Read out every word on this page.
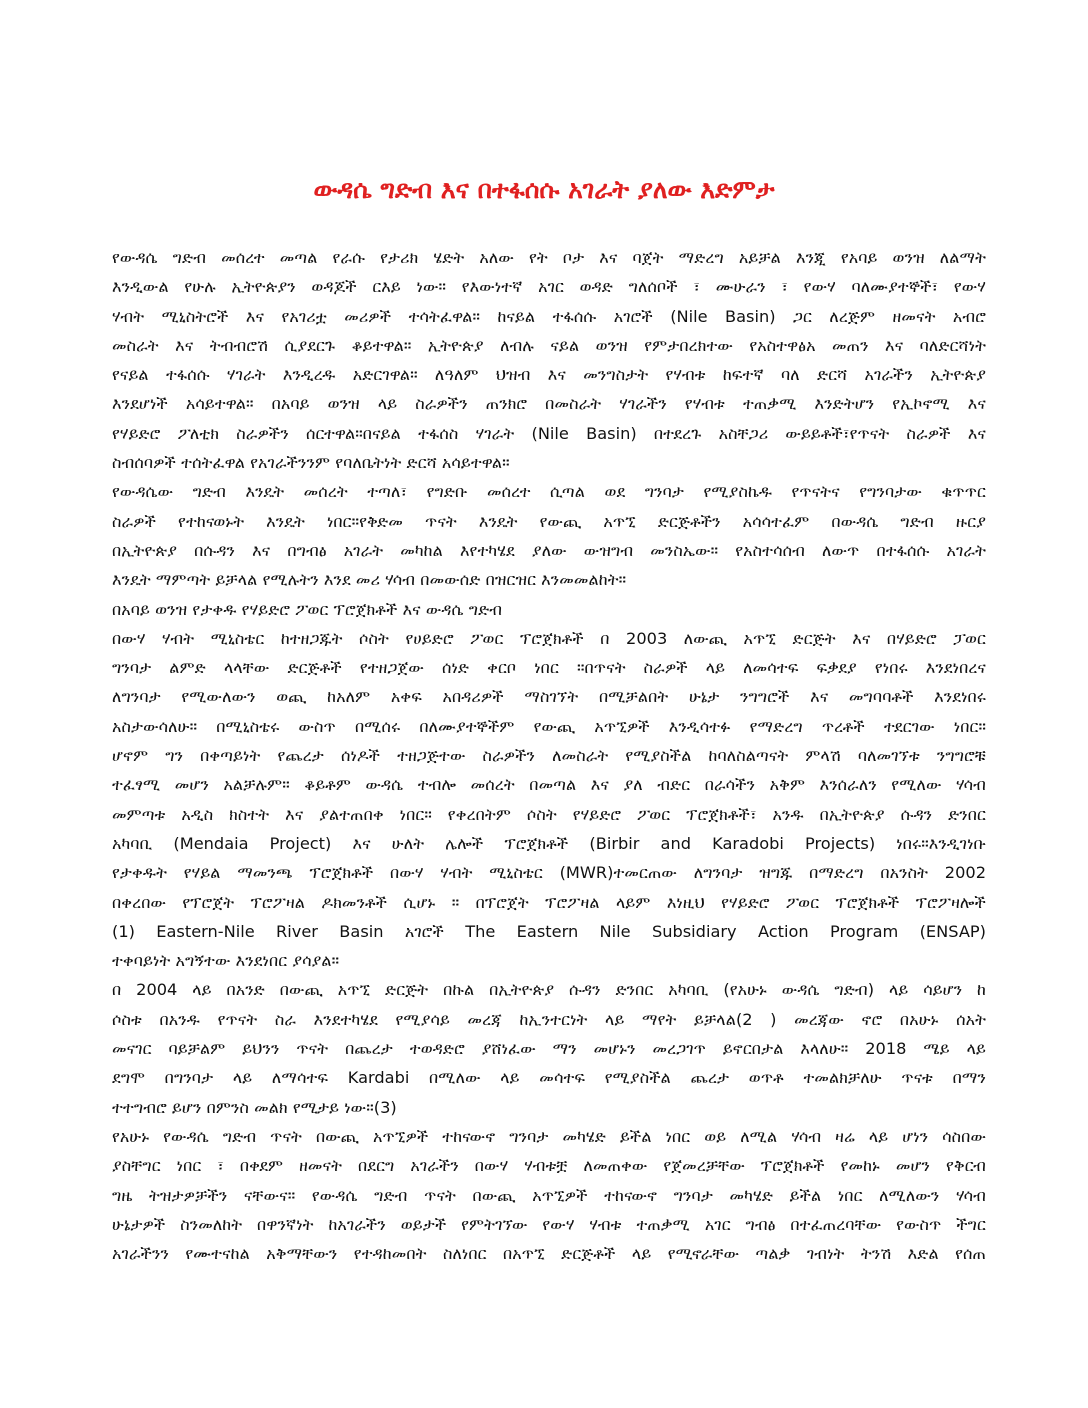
ውዳሴ ግድብ እና በተፋሰሱ አገራት ያለው እድምታ
የውዳሴ ግድብ መሰረተ መጣል የራሱ የታሪክ ሄድት አለው የት ቦታ እና ባጀት ማድረግ አይቻል እንጂ የአባይ ወንዝ ለልማት
እንዲውል የሁሉ ኢትዮጵያን ወዳጆች ርእይ ነው። የእውነተኛ አገር ወዳድ ግለሰቦች ፣ ሙሁራን ፣ የውሃ ባለሙያተኞች፣ የውሃ
ሃብት ሚኒስትሮች እና የአገሪቷ መሪዎች ተሳትፈዋል። ከናይል ተፋሰሱ አገሮች (Nile Basin) ጋር ለረጅም ዘመናት አብሮ
መስራት እና ትብብሮሽ ሲያደርጉ ቆይተዋል። ኢትዮጵያ ለብሉ ናይል ወንዝ የምታበረክተው የአስተዋፅአ መጠን እና ባለድርሻነት
የናይል ተፋሰሱ ሃገራት እንዲረዱ አድርገዋል። ለዓለም ህዝብ እና መንግስታት የሃብቱ ከፍተኛ ባለ ድርሻ አገራችን ኢትዮጵያ
እንደሆነች አሳይተዋል። በአባይ ወንዝ ላይ ስራዎችን ጠንክሮ በመስራት ሃገራችን የሃብቱ ተጠቃሚ እንድትሆን የኢኮኖሚ እና
የሃይድሮ ፖለቲክ ስራዎችን ሰርተዋል።በናይል ተፋሰስ ሃገራት (Nile Basin) በተደረጉ አስቸጋሪ ውይይቶች፣የጥናት ስራዎች እና
ስብሰባዎች ተሰትፈዋል የአገራችንንም የባለቤትነት ድርሻ አሳይተዋል።
የውዳሴው ግድብ እንዴት መሰረት ተጣለ፣ የግድቡ መሰረተ ሲጣል ወደ ግንባታ የሚያስኬዱ የጥናትና የግንባታው ቁጥጥር
ስራዎች የተከናወኑት እንዴት ነበር።የቅድመ ጥናት እንዴት የውጪ አጥኚ ድርጅቶችን አሳሳተፈም በውዳሴ ግድብ ዙርያ
በኢትዮጵያ በሱዳን እና በግብፅ አገራት መካከል እየተካሄደ ያለው ውዝግብ መንስኤው። የአስተሳሰብ ለውጥ በተፋሰሱ አገራት
እንዴት ማምጣት ይቻላል የሚሉትን እንደ መሪ ሃሳብ በመውሰድ በዝርዝር እንመመልከት።
በአባይ ወንዝ የታቀዱ የሃይድሮ ፖወር ፕሮጀክቶች እና ውዳሴ ግድብ
በውሃ ሃብት ሚኒስቴር ከተዘጋጁት ሶስት የሀይድሮ ፖወር ፕሮጀክቶች በ 2003 ለውጪ አጥኚ ድርጅት እና በሃይድሮ ፓወር
ግንባታ ልምድ ላላቸው ድርጅቶች የተዘጋጀው ሰነድ ቀርቦ ነበር ።በጥናት ስራዎች ላይ ለመሳተፍ ፍቃደያ የነበሩ እንደነበረና
ለግንባታ የሚውለውን ወጪ ከአለም አቀፍ አበዳሪዎች ማስገኘት በሚቻልበት ሁኔታ ንግግሮች እና መግባባቶች እንደነበሩ
አስታውሳለሁ። በሚኒስቴሩ ውስጥ በሚሰሩ በለሙያተኞችም የውጪ አጥኚዎች እንዲሳተፉ የማድረግ ጥረቶች ተደርገው ነበር።
ሆኖም ግን በቀጣይነት የጨረታ ሰነዶች ተዘጋጅተው ስራዎችን ለመስራት የሚያስችል ከባለስልጣናት ምላሽ ባለመገኘቱ ንግግሮቹ
ተፈፃሚ መሆን አልቻሉም። ቆይቶም ውዳሴ ተብሎ መሰረት በመጣል እና ያለ ብድር በራሳችን አቅም እንሰራለን የሚለው ሃሳብ
መምጣቱ አዲስ ክስተት እና ያልተጠበቀ ነበር። የቀረበትም ሶስት የሃይድሮ ፖወር ፕሮጀክቶች፣ አንዱ በኢትዮጵያ ሱዳን ድንበር
አካባቢ (Mendaia Project) እና ሁለት ሌሎች ፕሮጀክቶች (Birbir and Karadobi Projects) ነበሩ።እንዲገነቡ
የታቀዱት የሃይል ማመንጫ ፕሮጀክቶች በውሃ ሃብት ሚኒስቴር (MWR)ተመርጠው ለግንባታ ዝግጁ በማድረግ በአንስት 2002
በቀረበው የፕሮጀት ፕሮፖዛል ዶክመንቶች ሲሆኑ ። በፕሮጀት ፕሮፖዛል ላይም እነዚህ የሃይድሮ ፖወር ፕሮጀክቶች ፕሮፖዛሎች
(1) Eastern-Nile River Basin አገሮች The Eastern Nile Subsidiary Action Program (ENSAP)
ተቀባይነት አግኝተው እንደነበር ያሳያል።
በ 2004 ላይ በአንድ በውጪ አጥኚ ድርጅት በኩል በኢትዮጵያ ሱዳን ድንበር አካባቢ (የአሁኑ ውዳሴ ግድብ) ላይ ሳይሆን ከ
ሶስቱ በአንዱ የጥናት ስራ እንደተካሄደ የሚያሳይ መረጃ ከኢንተርነት ላይ ማየት ይቻላል(2 ) መረጃው ኖሮ በአሁኑ ሰአት
መናገር ባይቻልም ይህንን ጥናት በጨረታ ተወዳድሮ ያሸነፈው ማን መሆኑን መረጋገጥ ይኖርበታል እላለሁ። 2018 ሜይ ላይ
ደግሞ በግንባታ ላይ ለማሳተፍ Kardabi በሚለው ላይ መሳተፍ የሚያስችል ጨረታ ወጥቶ ተመልክቻለሁ ጥናቱ በማን
ተተግብሮ ይሆን በምንስ መልክ የሚታይ ነው።(3)
የአሁኑ የውዳሴ ግድብ ጥናት በውጪ አጥኚዎች ተከናውኖ ግንባታ መካሄድ ይችል ነበር ወይ ለሚል ሃሳብ ዛሬ ላይ ሆነን ሳስበው
ያስቸግር ነበር ፣ በቀደም ዘመናት በደርግ አገራችን በውሃ ሃብቱቿ ለመጠቀው የጀመረቻቸው ፕሮጀክቶች የመከኑ መሆን የቅርብ
ግዜ ትዝታዎቻችን ናቸውና። የውዳሴ ግድብ ጥናት በውጪ አጥኚዎች ተከናውኖ ግንባታ መካሄድ ይችል ነበር ለሚለውን ሃሳብ
ሁኔታዎች ስንመለከት በዋንኛነት ከአገራችን ወይታች የምትገኘው የውሃ ሃብቱ ተጠቃሚ አገር ግብፅ በተፈጠረባቸው የውስጥ ችግር
አገራችንን የሙተናከል አቅማቸውን የተዳከመበት ስለነበር በአጥኚ ድርጅቶች ላይ የሚኖራቸው ጣልቃ ገብነት ትንሽ እድል የሰጠ
